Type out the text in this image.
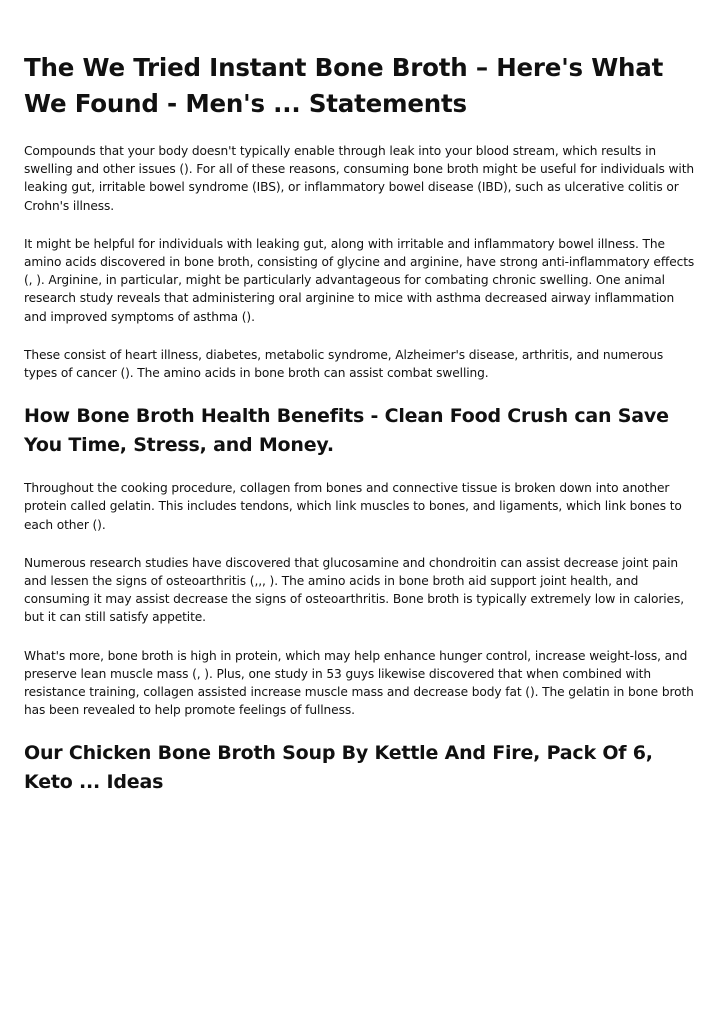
The We Tried Instant Bone Broth – Here's What We Found - Men's ... Statements

Compounds that your body doesn't typically enable through leak into your blood stream, which results in swelling and other issues (). For all of these reasons, consuming bone broth might be useful for individuals with leaking gut, irritable bowel syndrome (IBS), or inflammatory bowel disease (IBD), such as ulcerative colitis or Crohn's illness.

It might be helpful for individuals with leaking gut, along with irritable and inflammatory bowel illness. The amino acids discovered in bone broth, consisting of glycine and arginine, have strong anti-inflammatory effects (, ). Arginine, in particular, might be particularly advantageous for combating chronic swelling. One animal research study reveals that administering oral arginine to mice with asthma decreased airway inflammation and improved symptoms of asthma ().

These consist of heart illness, diabetes, metabolic syndrome, Alzheimer's disease, arthritis, and numerous types of cancer (). The amino acids in bone broth can assist combat swelling.

How Bone Broth Health Benefits - Clean Food Crush can Save You Time, Stress, and Money.

Throughout the cooking procedure, collagen from bones and connective tissue is broken down into another protein called gelatin. This includes tendons, which link muscles to bones, and ligaments, which link bones to each other ().

Numerous research studies have discovered that glucosamine and chondroitin can assist decrease joint pain and lessen the signs of osteoarthritis (,,, ). The amino acids in bone broth aid support joint health, and consuming it may assist decrease the signs of osteoarthritis. Bone broth is typically extremely low in calories, but it can still satisfy appetite.

What's more, bone broth is high in protein, which may help enhance hunger control, increase weight-loss, and preserve lean muscle mass (, ). Plus, one study in 53 guys likewise discovered that when combined with resistance training, collagen assisted increase muscle mass and decrease body fat (). The gelatin in bone broth has been revealed to help promote feelings of fullness.

Our Chicken Bone Broth Soup By Kettle And Fire, Pack Of 6, Keto ... Ideas
